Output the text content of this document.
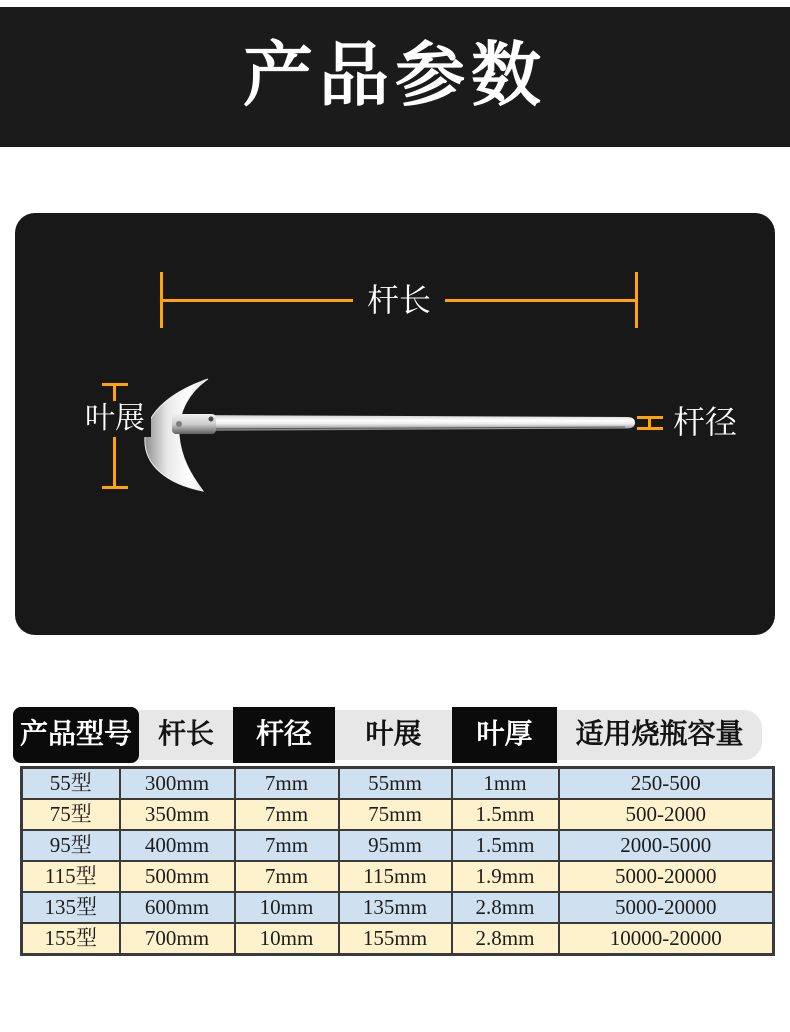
产品参数
杆长
叶展	杆径
产品型号 杆长	杆径	叶展	叶厚	适用烧瓶容量
55型	300mm	7mm	55mm	1mm	250-500
75型	350mm	7mm	75mm	1.5mm	500-2000
95型	400mm	7mm	95mm	1.5mm	2000-5000
115型	500mm	7mm	115mm	1.9mm	5000-20000
135型	600mm	10mm	135mm	2.8mm	5000-20000
155型	700mm	10mm	155mm	2.8mm	10000-20000
